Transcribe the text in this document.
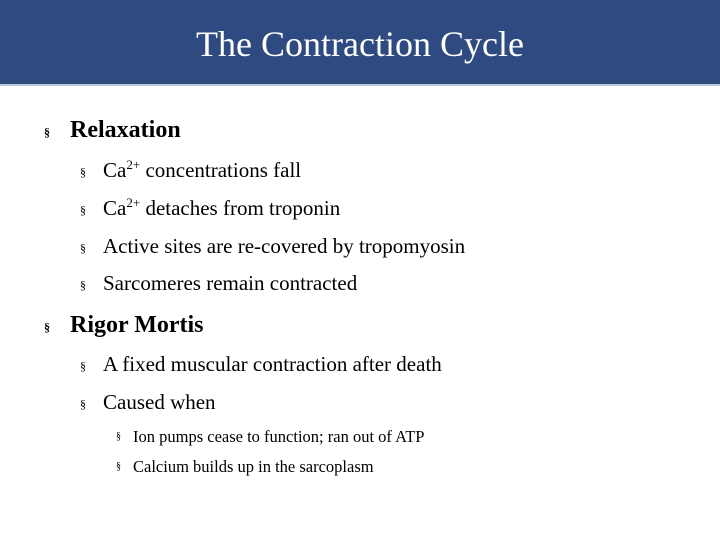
The Contraction Cycle
§ Relaxation
§ $Ca^{2+}$ concentrations fall
§ $Ca^{2+}$ detaches from troponin
§ Active sites are re-covered by tropomyosin
§ Sarcomeres remain contracted
§ Rigor Mortis
§ A fixed muscular contraction after death
§ Caused when
§ Ion pumps cease to function; ran out of ATP
§ Calcium builds up in the sarcoplasm
